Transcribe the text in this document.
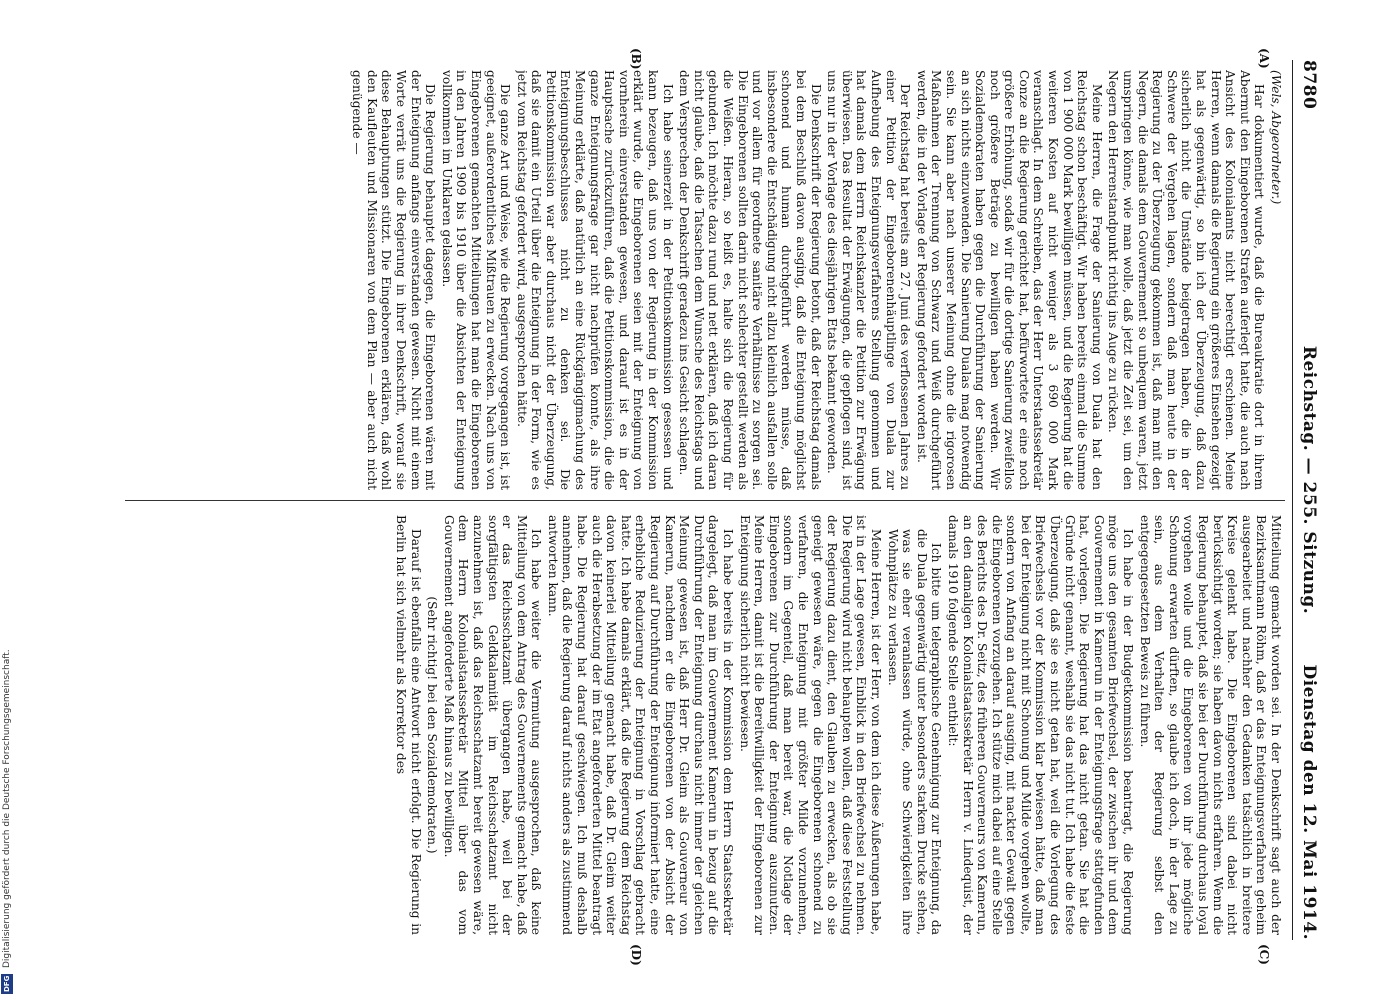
8780
Reichstag. — 255. Sitzung.
Dienstag den 12. Mai 1914.
(A)
(B)
(C)
(D)

(Wels, Abgeordneter.)

Har dokumentiert wurde, daß die Bureaukratie dort in ihrem Abermut den Eingeborenen Strafen auferlegt hatte, die auch nach Ansicht des Kolonialamts nicht berechtigt erschienen. Meine Herren, wenn damals die Regierung ein größeres Einsehen gezeigt hat als gegenwärtig, so bin ich der Überzeugung, daß dazu sicherlich nicht die Umstände beigetragen haben, die in der Schwere der Vergehen lagen, sondern daß man heute in der Regierung zu der Überzeugung gekommen ist, daß man mit den Negern, die damals dem Gouvernement so unbequem waren, jetzt umspringen könne, wie man wolle, daß jetzt die Zeit sei, um den Negern den Herrenstandpunkt richtig ins Auge zu rücken.

Meine Herren, die Frage der Sanierung von Duala hat den Reichstag schon beschäftigt. Wir haben bereits einmal die Summe von 1 900 000 Mark bewilligen müssen, und die Regierung hat die weiteren Kosten auf nicht weniger als 3 690 000 Mark veranschlagt. In dem Schreiben, das der Herr Unterstaatssekretär Conze an die Regierung gerichtet hat, befürwortete er eine noch größere Erhöhung, sodaß wir für die dortige Sanierung zweifellos noch größere Beträge zu bewilligen haben werden. Wir Sozialdemokraten haben gegen die Durchführung der Sanierung an sich nichts einzuwenden. Die Sanierung Dualas mag notwendig sein. Sie kann aber nach unserer Meinung ohne die rigorosen Maßnahmen der Trennung von Schwarz und Weiß durchgeführt werden, die in der Vorlage der Regierung gefordert worden ist.

Der Reichstag hat bereits am 27. Juni des verflossenen Jahres zu einer Petition der Eingeborenenhäuptlinge von Duala zur Aufhebung des Enteignungsverfahrens Stellung genommen und hat damals dem Herrn Reichskanzler die Petition zur Erwägung überwiesen. Das Resultat der Erwägungen, die gepflogen sind, ist uns nur in der Vorlage des diesjährigen Etats bekannt geworden.

Die Denkschrift der Regierung betont, daß der Reichstag damals bei dem Beschluß davon ausging, daß die Enteignung möglichst schonend und human durchgeführt werden müsse, daß insbesondere die Entschädigung nicht allzu kleinlich ausfallen solle und vor allem für geordnete sanitäre Verhältnisse zu sorgen sei. Die Eingeborenen sollten darin nicht schlechter gestellt werden als die Weißen. Hieran, so heißt es, halte sich die Regierung für gebunden. Ich möchte dazu rund und nett erklären, daß ich daran nicht glaube, daß die Tatsachen dem Wunsche des Reichstags und dem Versprechen der Denkschrift geradezu ins Gesicht schlagen.

Ich habe seinerzeit in der Petitionskommission gesessen und kann bezeugen, daß uns von der Regierung in der Kommission erklärt wurde, die Eingeborenen seien mit der Enteignung von vornherein einverstanden gewesen, und darauf ist es in der Hauptsache zurückzuführen, daß die Petitionskommission, die die ganze Enteignungsfrage gar nicht nachprüfen konnte, als ihre Meinung erklärte, daß natürlich an eine Rückgängigmachung des Enteignungsbeschlusses nicht zu denken sei. Die Petitionskommission war aber durchaus nicht der Überzeugung, daß sie damit ein Urteil über die Enteignung in der Form, wie es jetzt vom Reichstag gefordert wird, ausgesprochen hätte.

Die ganze Art und Weise, wie die Regierung vorgegangen ist, ist geeignet, außerordentliches Mißtrauen zu erwecken. Nach uns von Eingeborenen gemachten Mitteilungen hat man die Eingeborenen in den Jahren 1909 bis 1910 über die Absichten der Enteignung vollkommen im Unklaren gelassen.

Die Regierung behauptet dagegen, die Eingeborenen wären mit der Enteignung anfangs einverstanden gewesen. Nicht mit einem Worte verrät uns die Regierung in ihrer Denkschrift, worauf sie diese Behauptungen stützt. Die Eingeborenen erklären, daß wohl den Kaufleuten und Missionaren von dem Plan — aber auch nicht genügende —

Mitteilung gemacht worden sei. In der Denkschrift sagt auch der Bezirksamtmann Röhm, daß er das Enteignungsverfahren geheim ausgearbeitet und nachher den Gedanken tatsächlich in breitere Kreise gelenkt habe. Die Eingeborenen sind dabei nicht berücksichtigt worden; sie haben davon nichts erfahren. Wenn die Regierung behauptet, daß sie bei der Durchführung durchaus loyal vorgehen wolle und die Eingeborenen von ihr jede mögliche Schonung erwarten dürften, so glaube ich doch, in der Lage zu sein, aus dem Verhalten der Regierung selbst den entgegengesetzten Beweis zu führen.

Ich habe in der Budgetkommission beantragt, die Regierung möge uns den gesamten Briefwechsel, der zwischen ihr und dem Gouvernement in Kamerun in der Enteignungsfrage stattgefunden hat, vorlegen. Die Regierung hat das nicht getan. Sie hat die Gründe nicht genannt, weshalb sie das nicht tut. Ich habe die feste Überzeugung, daß sie es nicht getan hat, weil die Vorlegung des Briefwechsels vor der Kommission klar bewiesen hätte, daß man bei der Enteignung nicht mit Schonung und Milde vorgehen wollte, sondern von Anfang an darauf ausging, mit nackter Gewalt gegen die Eingeborenen vorzugehen. Ich stütze mich dabei auf eine Stelle des Berichts des Dr. Seitz, des früheren Gouverneurs von Kamerun, an den damaligen Kolonialstaatssekretär Herrn v. Lindequist, der damals 1910 folgende Stelle enthielt:

Ich bitte um telegraphische Genehmigung zur Enteignung, da die Duala gegenwärtig unter besonders starkem Drucke stehen, was sie eher veranlassen würde, ohne Schwierigkeiten ihre Wohnplätze zu verlassen.

Meine Herren, ist der Herr, von dem ich diese Äußerungen habe, ist in der Lage gewesen, Einblick in den Briefwechsel zu nehmen. Die Regierung wird nicht behaupten wollen, daß diese Feststellung der Regierung dazu dient, den Glauben zu erwecken, als ob sie geneigt gewesen wäre, gegen die Eingeborenen schonend zu verfahren, die Enteignung mit größter Milde vorzunehmen, sondern im Gegenteil, daß man bereit war, die Notlage der Eingeborenen zur Durchführung der Enteignung auszunutzen. Meine Herren, damit ist die Bereitwilligkeit der Eingeborenen zur Enteignung sicherlich nicht bewiesen.

Ich habe bereits in der Kommission dem Herrn Staatssekretär dargelegt, daß man im Gouvernement Kamerun in bezug auf die Durchführung der Enteignung durchaus nicht immer der gleichen Meinung gewesen ist, daß Herr Dr. Gleim als Gouverneur von Kamerun, nachdem er die Eingeborenen von der Absicht der Regierung auf Durchführung der Enteignung informiert hatte, eine erhebliche Reduzierung der Enteignung in Vorschlag gebracht hatte. Ich habe damals erklärt, daß die Regierung dem Reichstag davon keinerlei Mitteilung gemacht habe, daß Dr. Gleim weiter auch die Herabsetzung der im Etat angeforderten Mittel beantragt habe. Die Regierung hat darauf geschwiegen. Ich muß deshalb annehmen, daß die Regierung darauf nichts anders als zustimmend antworten kann.

Ich habe weiter die Vermutung ausgesprochen, daß keine Mitteilung von dem Antrag des Gouvernements gemacht habe, daß er das Reichsschatzamt übergangen habe, weil bei der sorgfältigsten Geldkalamität im Reichsschatzamt nicht anzunehmen ist, daß das Reichsschatzamt bereit gewesen wäre, dem Herrn Kolonialstaatssekretär Mittel über das vom Gouvernement angeforderte Maß hinaus zu bewilligen.

(Sehr richtig! bei den Sozialdemokraten.)

Darauf ist ebenfalls eine Antwort nicht erfolgt. Die Regierung in Berlin hat sich vielmehr als Korrektor des

Digitalisierung gefördert durch die Deutsche Forschungsgemeinschaft.
DFG
